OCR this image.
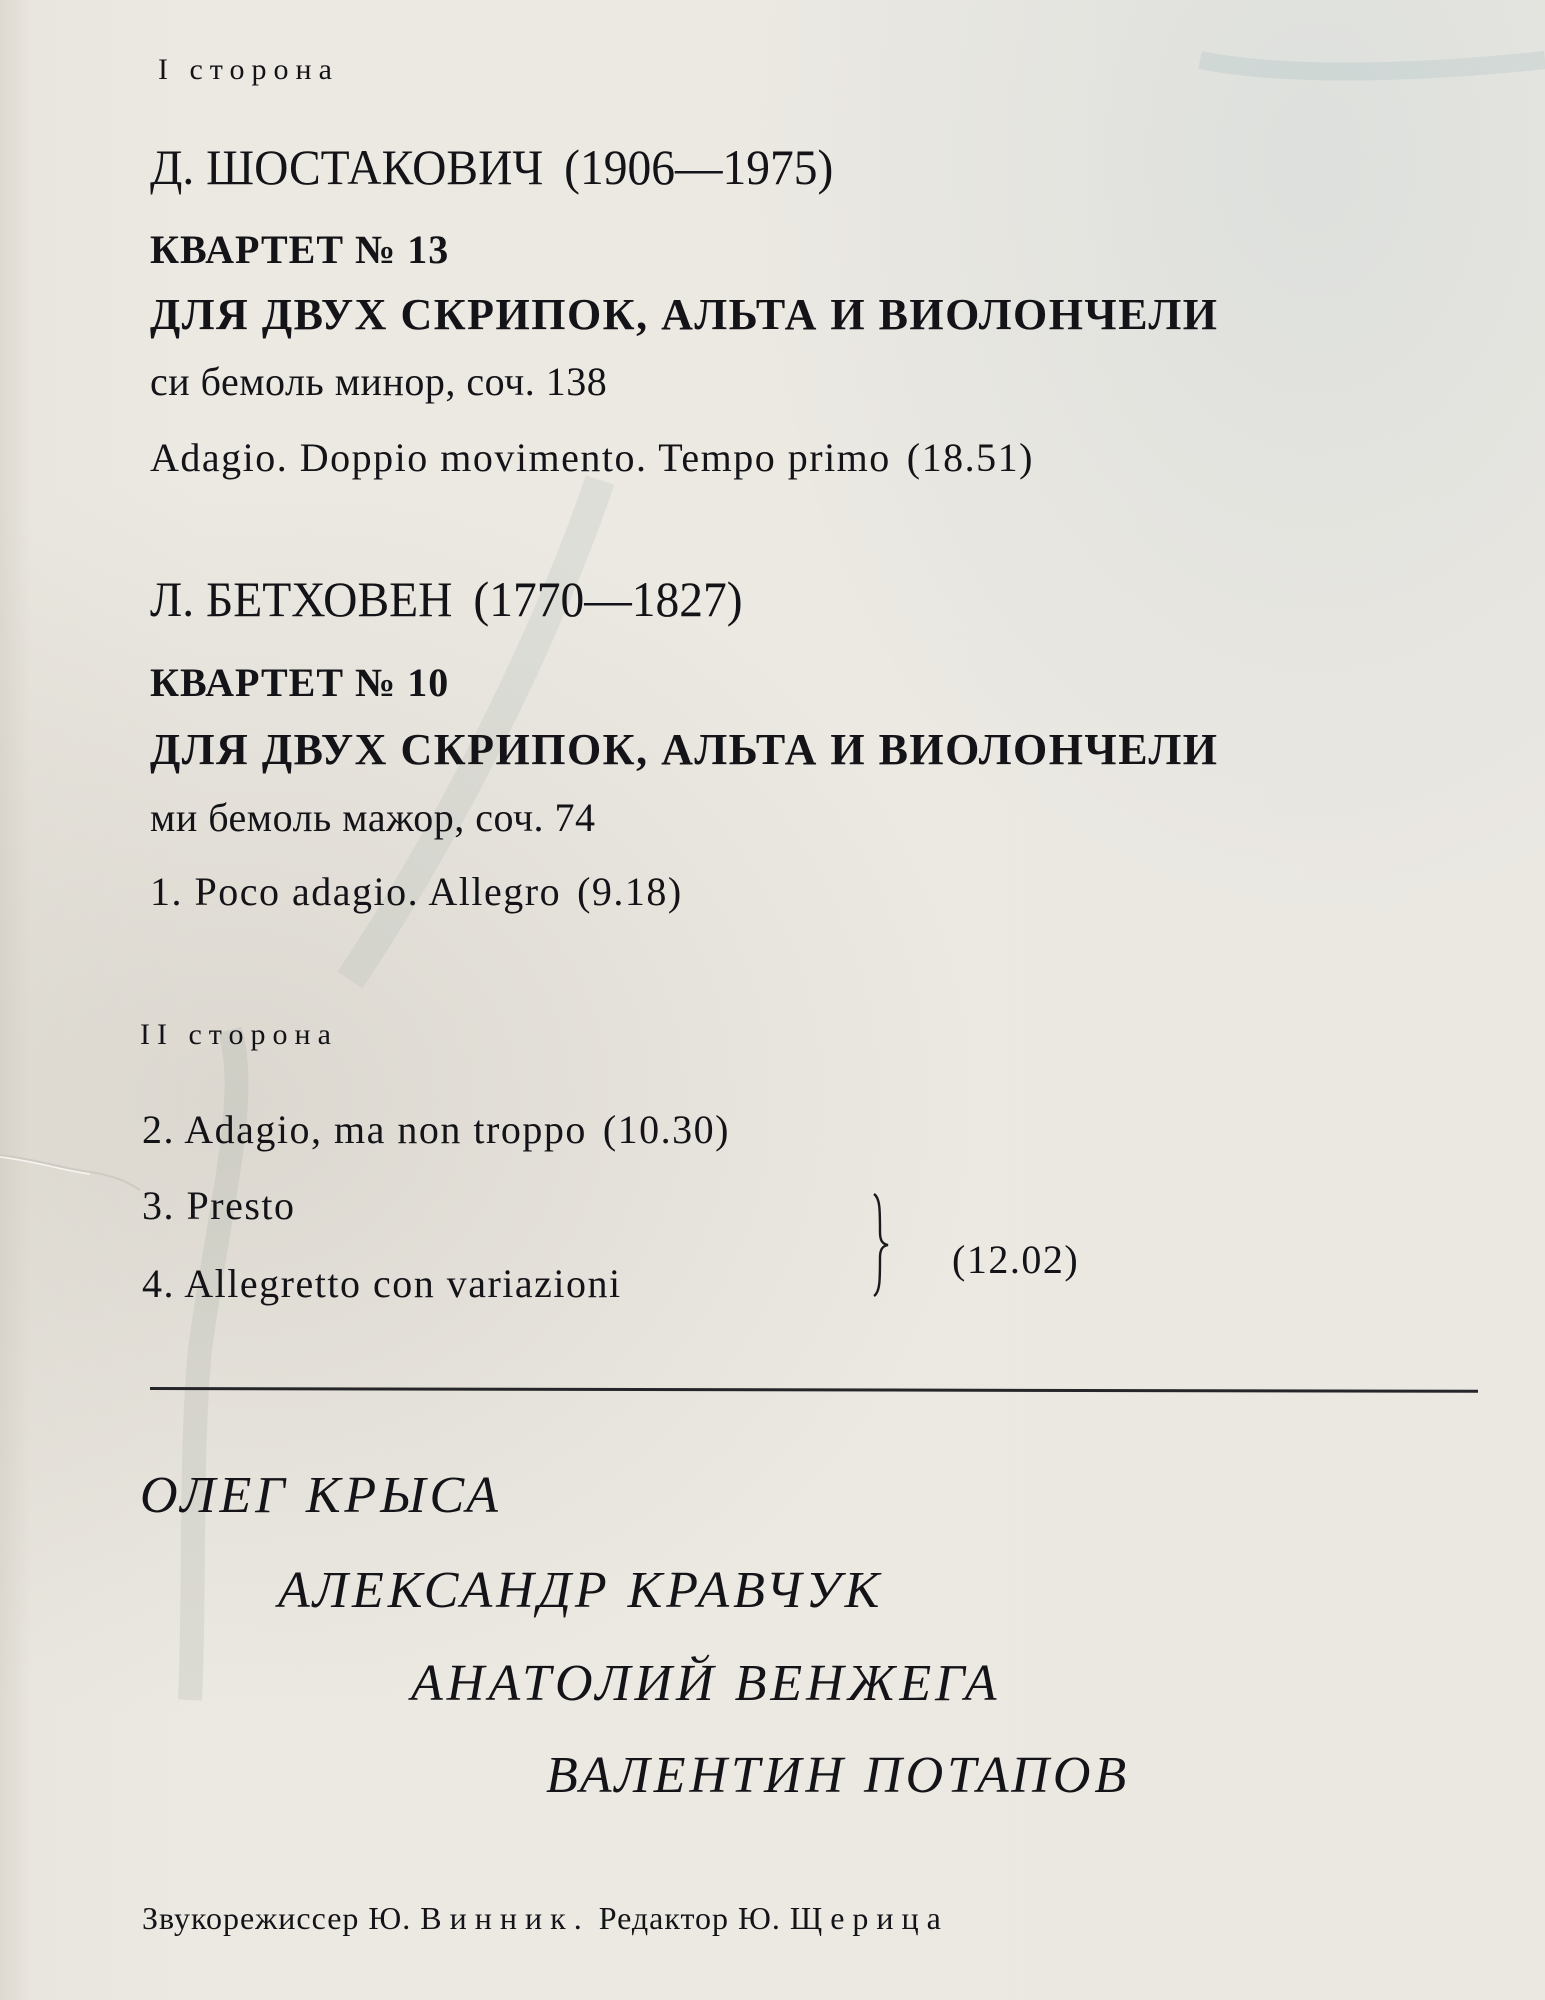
I сторона
Д. ШОСТАКОВИЧ (1906—1975)
КВАРТЕТ № 13
ДЛЯ ДВУХ СКРИПОК, АЛЬТА И ВИОЛОНЧЕЛИ
си бемоль минор, соч. 138
Adagio. Doppio movimento. Tempo primo (18.51)
Л. БЕТХОВЕН (1770—1827)
КВАРТЕТ № 10
ДЛЯ ДВУХ СКРИПОК, АЛЬТА И ВИОЛОНЧЕЛИ
ми бемоль мажор, соч. 74
1. Poco adagio. Allegro (9.18)
II сторона
2. Adagio, ma non troppo (10.30)
3. Presto
4. Allegretto con variazioni
(12.02)
ОЛЕГ КРЫСА
АЛЕКСАНДР КРАВЧУК
АНАТОЛИЙ ВЕНЖЕГА
ВАЛЕНТИН ПОТАПОВ
Звукорежиссер Ю. Винник. Редактор Ю. Щерица
